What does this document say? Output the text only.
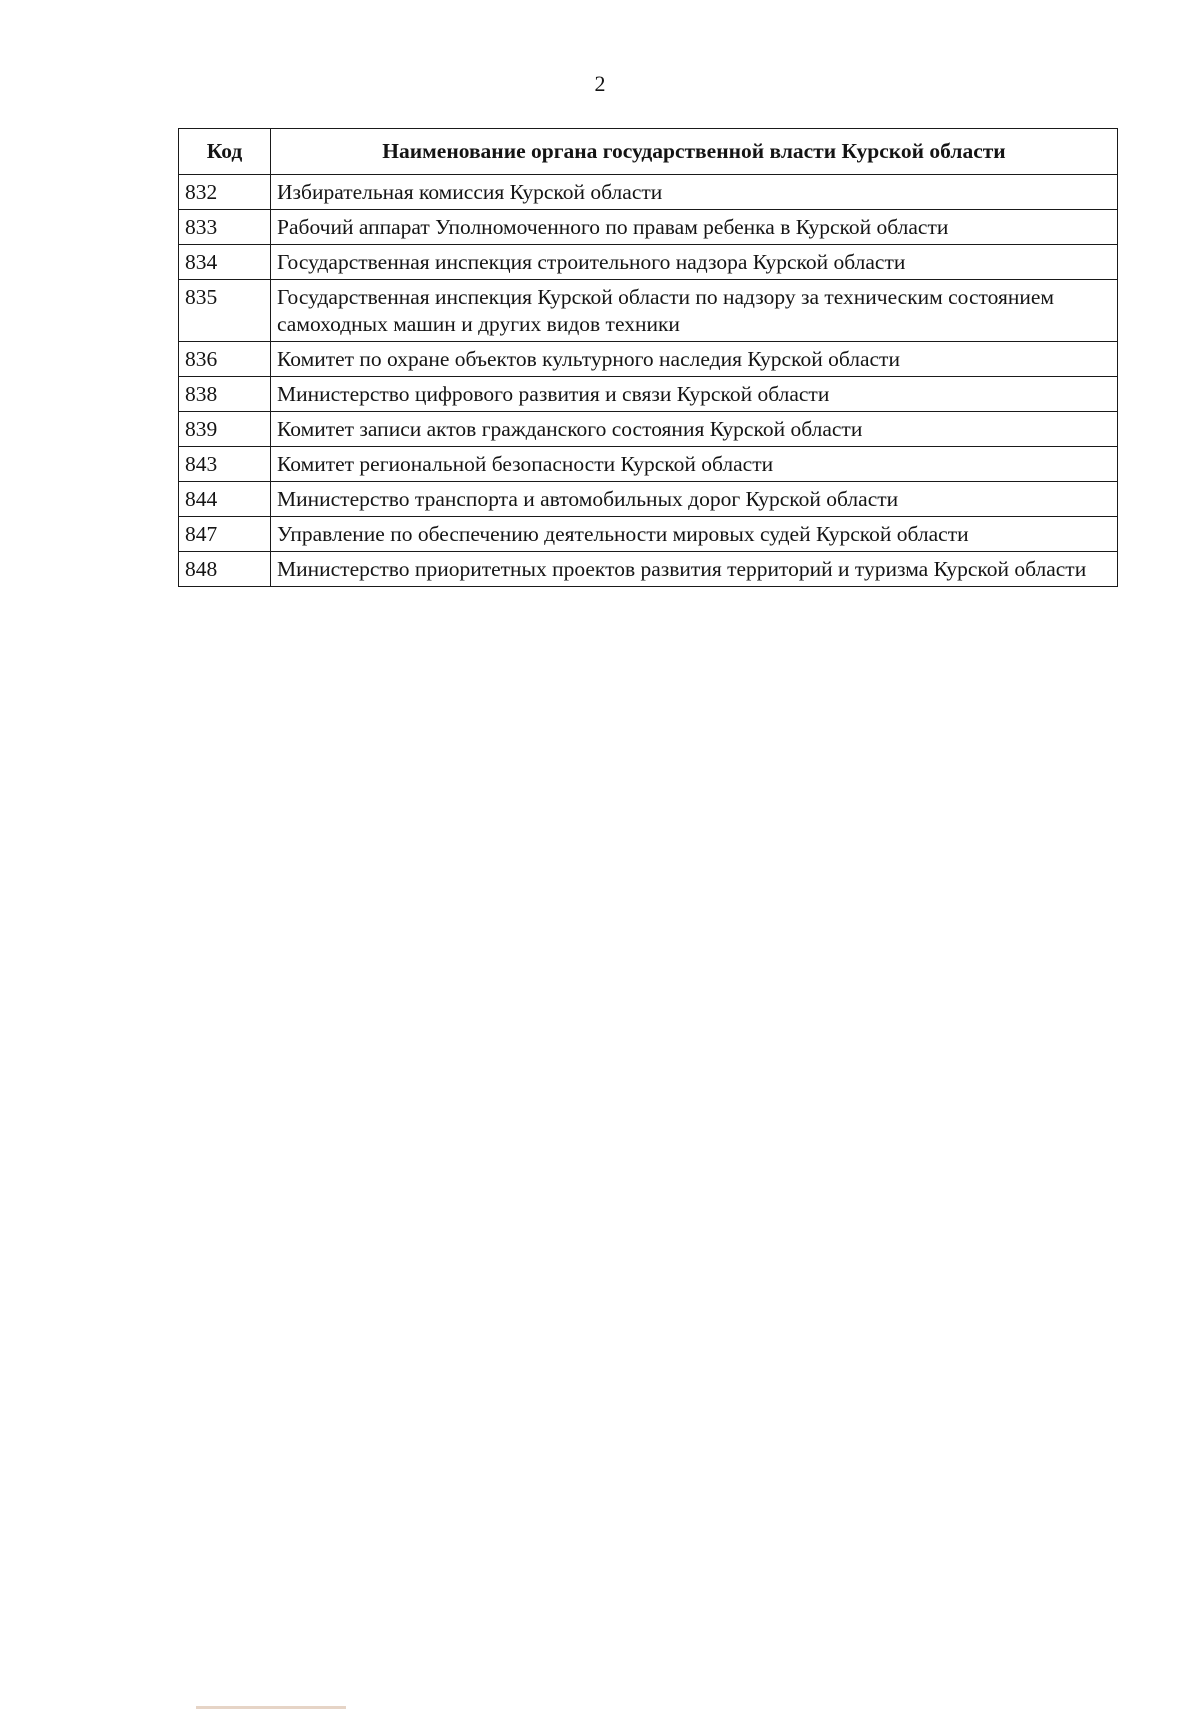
2
Код	Наименование органа государственной власти Курской области
832	Избирательная комиссия Курской области
833	Рабочий аппарат Уполномоченного по правам ребенка в Курской области
834	Государственная инспекция строительного надзора Курской области
835	Государственная инспекция Курской области по надзору за техническим состоянием самоходных машин и других видов техники
836	Комитет по охране объектов культурного наследия Курской области
838	Министерство цифрового развития и связи Курской области
839	Комитет записи актов гражданского состояния Курской области
843	Комитет региональной безопасности Курской области
844	Министерство транспорта и автомобильных дорог Курской области
847	Управление по обеспечению деятельности мировых судей Курской области
848	Министерство приоритетных проектов развития территорий и туризма Курской области
